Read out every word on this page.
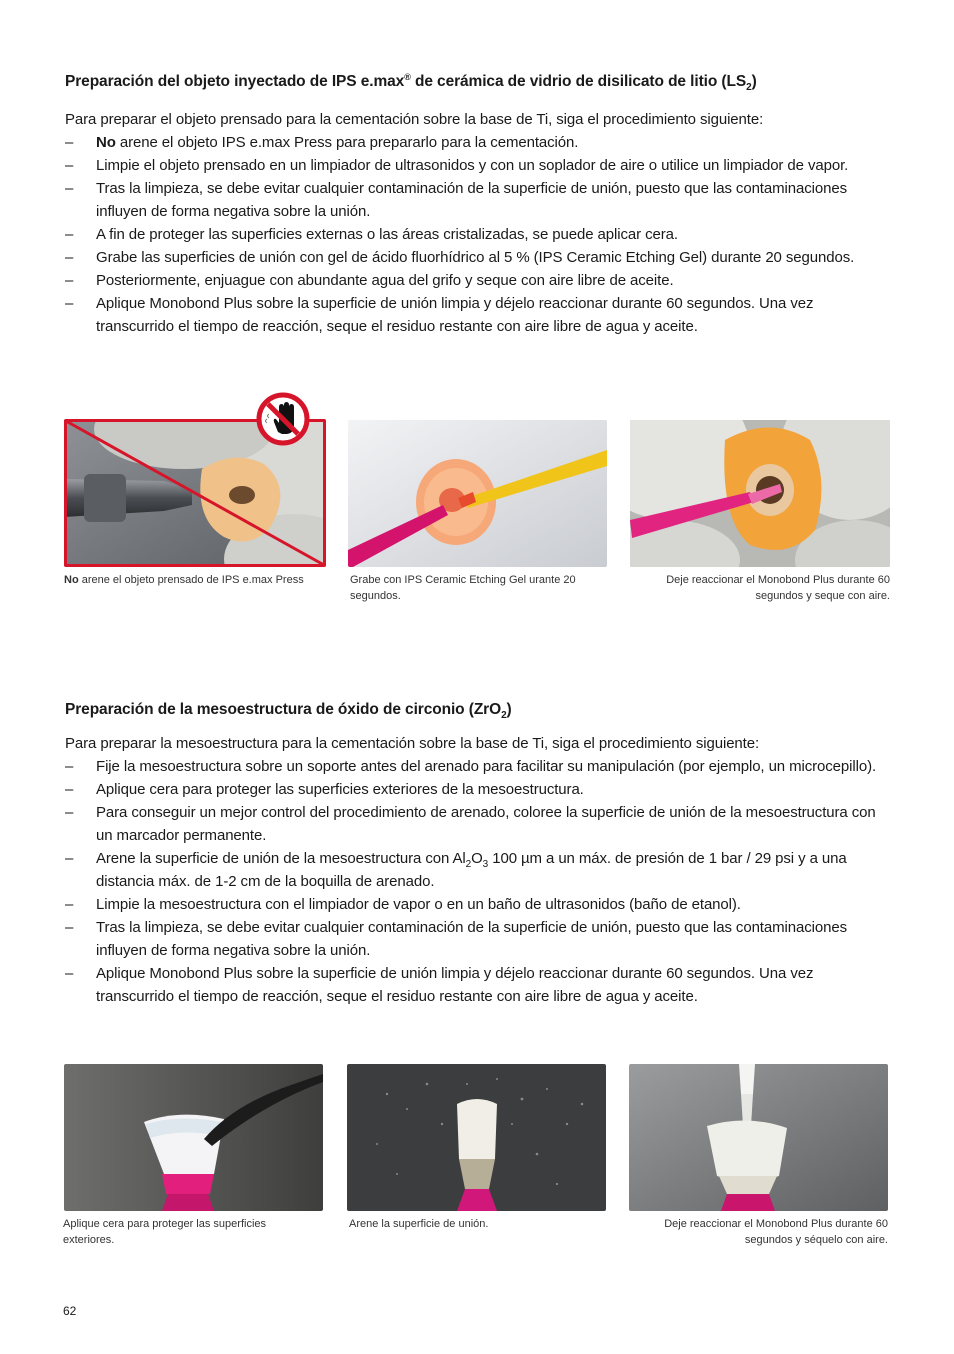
Preparación del objeto inyectado de IPS e.max® de cerámica de vidrio de disilicato de litio $(LS_2)$

Para preparar el objeto prensado para la cementación sobre la base de Ti, siga el procedimiento siguiente:

– No arene el objeto IPS e.max Press para prepararlo para la cementación.
– Limpie el objeto prensado en un limpiador de ultrasonidos y con un soplador de aire o utilice un limpiador de vapor.
– Tras la limpieza, se debe evitar cualquier contaminación de la superficie de unión, puesto que las contaminaciones influyen de forma negativa sobre la unión.
– A fin de proteger las superficies externas o las áreas cristalizadas, se puede aplicar cera.
– Grabe las superficies de unión con gel de ácido fluorhídrico al 5 % (IPS Ceramic Etching Gel) durante 20 segundos.
– Posteriormente, enjuague con abundante agua del grifo y seque con aire libre de aceite.
– Aplique Monobond Plus sobre la superficie de unión limpia y déjelo reaccionar durante 60 segundos. Una vez transcurrido el tiempo de reacción, seque el residuo restante con aire libre de agua y aceite.

No arene el objeto prensado de IPS e.max Press	Grabe con IPS Ceramic Etching Gel urante 20 segundos.

Deje reaccionar el Monobond Plus durante 60 segundos y seque con aire.

Preparación de la mesoestructura de óxido de circonio (ZrO$_2$)

Para preparar la mesoestructura para la cementación sobre la base de Ti, siga el procedimiento siguiente:

– Fije la mesoestructura sobre un soporte antes del arenado para facilitar su manipulación (por ejemplo, un microcepillo).
– Aplique cera para proteger las superficies exteriores de la mesoestructura.
– Para conseguir un mejor control del procedimiento de arenado, coloree la superficie de unión de la mesoestructura con un marcador permanente.
– Arene la superficie de unión de la mesoestructura con $Al_2O_3$ 100 µm a un máx. de presión de 1 bar / 29 psi y a una distancia máx. de 1-2 cm de la boquilla de arenado.
– Limpie la mesoestructura con el limpiador de vapor o en un baño de ultrasonidos (baño de etanol).
– Tras la limpieza, se debe evitar cualquier contaminación de la superficie de unión, puesto que las contaminaciones influyen de forma negativa sobre la unión.
– Aplique Monobond Plus sobre la superficie de unión limpia y déjelo reaccionar durante 60 segundos. Una vez transcurrido el tiempo de reacción, seque el residuo restante con aire libre de agua y aceite.

Aplique cera para proteger las superficies exteriores.

Arene la superficie de unión.	Deje reaccionar el Monobond Plus durante 60 segundos y séquelo con aire.

62
